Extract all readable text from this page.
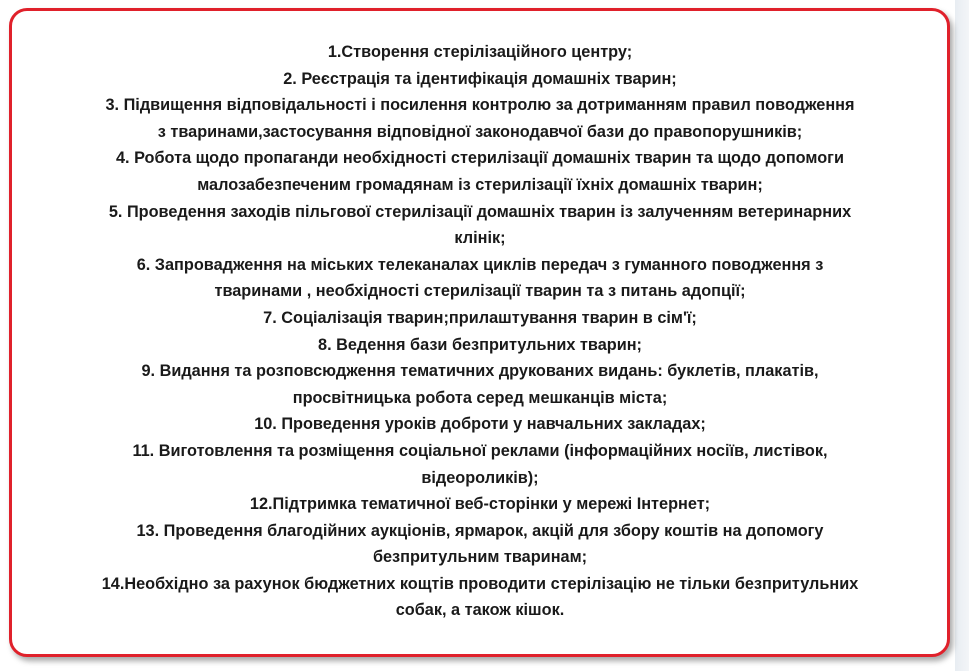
1.Створення стерілізаційного центру;
2. Реєстрація та ідентифікація домашніх тварин;
3. Підвищення відповідальності і посилення контролю за дотриманням правил поводження
з тваринами,застосування відповідної законодавчої бази до правопорушників;
4. Робота щодо пропаганди необхідності стерилізації домашніх тварин та щодо допомоги
малозабезпеченим громадянам із стерилізації їхніх домашніх тварин;
5. Проведення заходів пільгової стерилізації домашніх тварин із залученням ветеринарних
клінік;
6. Запровадження на міських телеканалах циклів передач з гуманного поводження з
тваринами , необхідності стерилізації тварин та з питань адопції;
7. Соціалізація тварин;прилаштування тварин в сім'ї;
8. Ведення бази безпритульних тварин;
9. Видання та розповсюдження тематичних друкованих видань: буклетів, плакатів,
просвітницька робота серед мешканців міста;
10. Проведення уроків доброти у навчальних закладах;
11. Виготовлення та розміщення соціальної реклами (інформаційних носіїв, листівок,
відеороликів);
12.Підтримка тематичної веб-сторінки у мережі Інтернет;
13. Проведення благодійних аукціонів, ярмарок, акцій для збору коштів на допомогу
безпритульним тваринам;
14.Необхідно за рахунок бюджетних кощтів проводити стерілізацію не тільки безпритульних
собак, а також кішок.
